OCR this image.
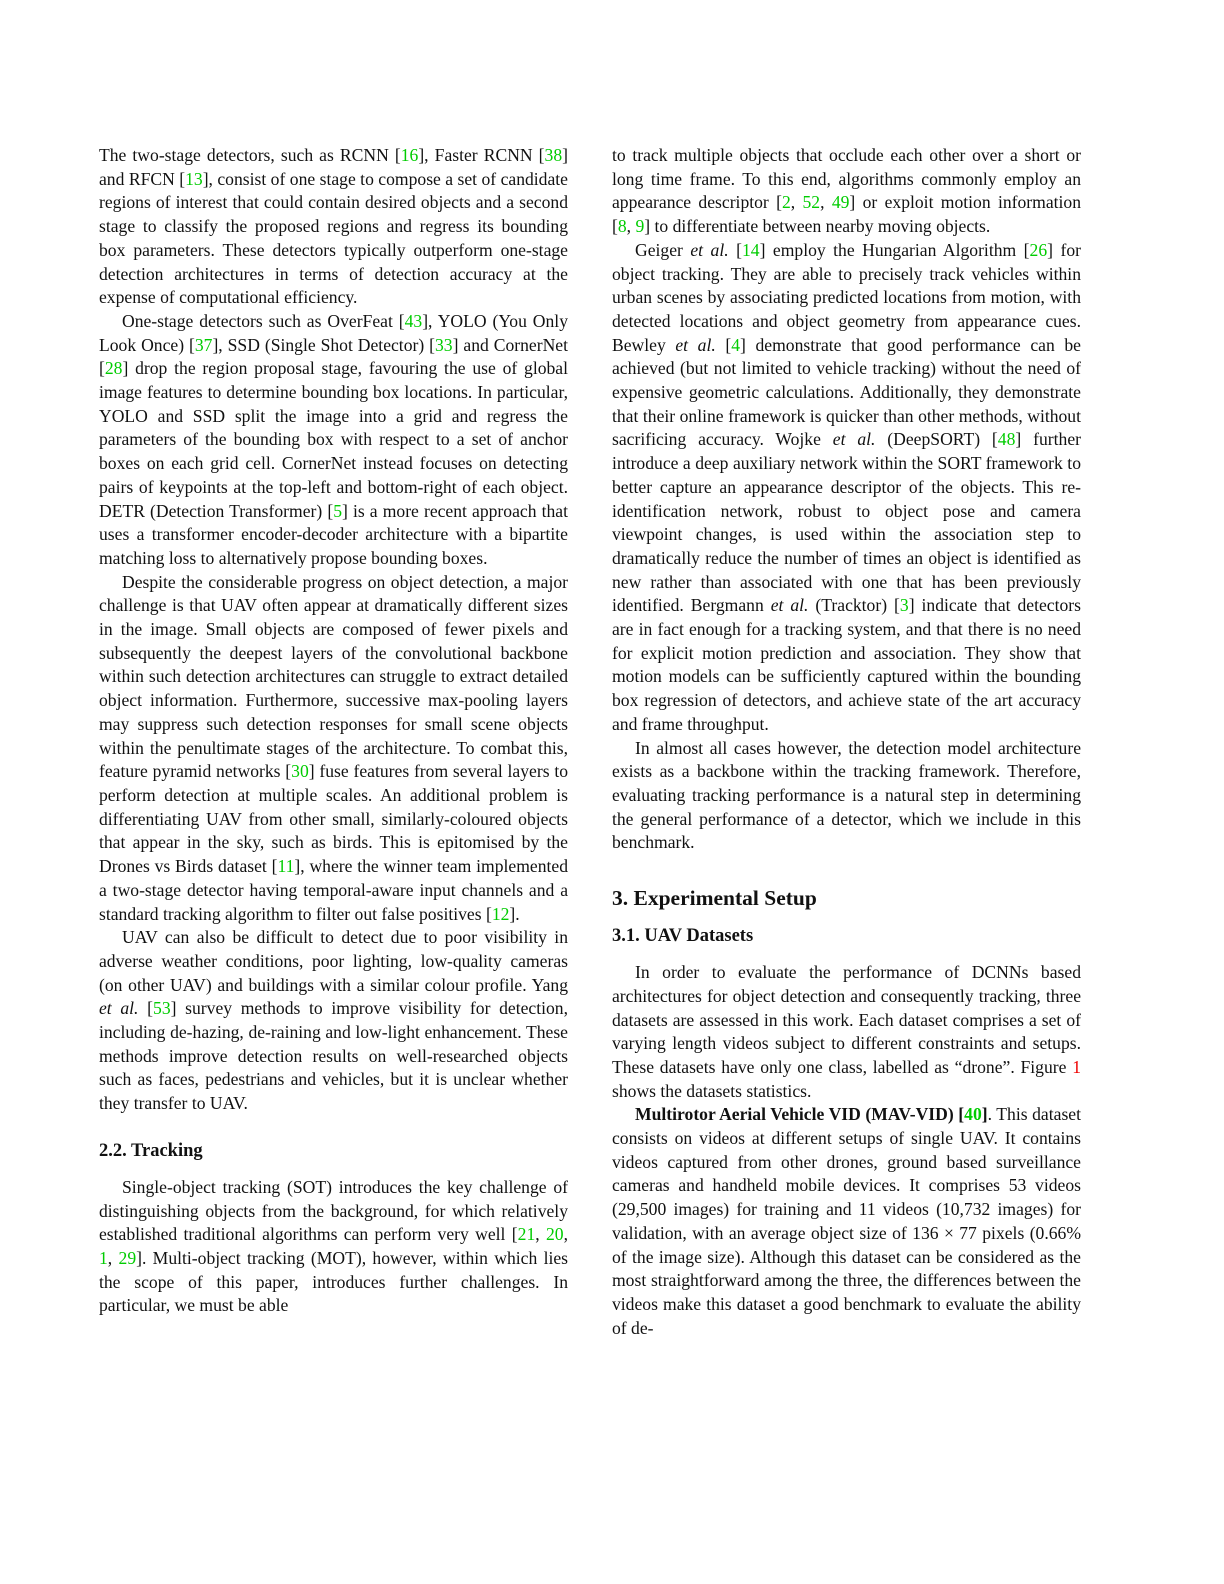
The two-stage detectors, such as RCNN [16], Faster RCNN [38] and RFCN [13], consist of one stage to compose a set of candidate regions of interest that could contain desired objects and a second stage to classify the proposed regions and regress its bounding box parameters. These detectors typically outperform one-stage detection architectures in terms of detection accuracy at the expense of computational efficiency.

One-stage detectors such as OverFeat [43], YOLO (You Only Look Once) [37], SSD (Single Shot Detector) [33] and CornerNet [28] drop the region proposal stage, favouring the use of global image features to determine bounding box locations. In particular, YOLO and SSD split the image into a grid and regress the parameters of the bounding box with respect to a set of anchor boxes on each grid cell. CornerNet instead focuses on detecting pairs of keypoints at the top-left and bottom-right of each object. DETR (Detection Transformer) [5] is a more recent approach that uses a transformer encoder-decoder architecture with a bipartite matching loss to alternatively propose bounding boxes.

Despite the considerable progress on object detection, a major challenge is that UAV often appear at dramatically different sizes in the image. Small objects are composed of fewer pixels and subsequently the deepest layers of the convolutional backbone within such detection architectures can struggle to extract detailed object information. Furthermore, successive max-pooling layers may suppress such detection responses for small scene objects within the penultimate stages of the architecture. To combat this, feature pyramid networks [30] fuse features from several layers to perform detection at multiple scales. An additional problem is differentiating UAV from other small, similarly-coloured objects that appear in the sky, such as birds. This is epitomised by the Drones vs Birds dataset [11], where the winner team implemented a two-stage detector having temporal-aware input channels and a standard tracking algorithm to filter out false positives [12].

UAV can also be difficult to detect due to poor visibility in adverse weather conditions, poor lighting, low-quality cameras (on other UAV) and buildings with a similar colour profile. Yang et al. [53] survey methods to improve visibility for detection, including de-hazing, de-raining and low-light enhancement. These methods improve detection results on well-researched objects such as faces, pedestrians and vehicles, but it is unclear whether they transfer to UAV.

2.2. Tracking

Single-object tracking (SOT) introduces the key challenge of distinguishing objects from the background, for which relatively established traditional algorithms can perform very well [21, 20, 1, 29]. Multi-object tracking (MOT), however, within which lies the scope of this paper, introduces further challenges. In particular, we must be able

to track multiple objects that occlude each other over a short or long time frame. To this end, algorithms commonly employ an appearance descriptor [2, 52, 49] or exploit motion information [8, 9] to differentiate between nearby moving objects.

Geiger et al. [14] employ the Hungarian Algorithm [26] for object tracking. They are able to precisely track vehicles within urban scenes by associating predicted locations from motion, with detected locations and object geometry from appearance cues. Bewley et al. [4] demonstrate that good performance can be achieved (but not limited to vehicle tracking) without the need of expensive geometric calculations. Additionally, they demonstrate that their online framework is quicker than other methods, without sacrificing accuracy. Wojke et al. (DeepSORT) [48] further introduce a deep auxiliary network within the SORT framework to better capture an appearance descriptor of the objects. This re-identification network, robust to object pose and camera viewpoint changes, is used within the association step to dramatically reduce the number of times an object is identified as new rather than associated with one that has been previously identified. Bergmann et al. (Tracktor) [3] indicate that detectors are in fact enough for a tracking system, and that there is no need for explicit motion prediction and association. They show that motion models can be sufficiently captured within the bounding box regression of detectors, and achieve state of the art accuracy and frame throughput.

In almost all cases however, the detection model architecture exists as a backbone within the tracking framework. Therefore, evaluating tracking performance is a natural step in determining the general performance of a detector, which we include in this benchmark.

3. Experimental Setup
3.1. UAV Datasets

In order to evaluate the performance of DCNNs based architectures for object detection and consequently tracking, three datasets are assessed in this work. Each dataset comprises a set of varying length videos subject to different constraints and setups. These datasets have only one class, labelled as “drone”. Figure 1 shows the datasets statistics.

Multirotor Aerial Vehicle VID (MAV-VID) [40]. This dataset consists on videos at different setups of single UAV. It contains videos captured from other drones, ground based surveillance cameras and handheld mobile devices. It comprises 53 videos (29,500 images) for training and 11 videos (10,732 images) for validation, with an average object size of 136 × 77 pixels (0.66% of the image size). Although this dataset can be considered as the most straightforward among the three, the differences between the videos make this dataset a good benchmark to evaluate the ability of de-
